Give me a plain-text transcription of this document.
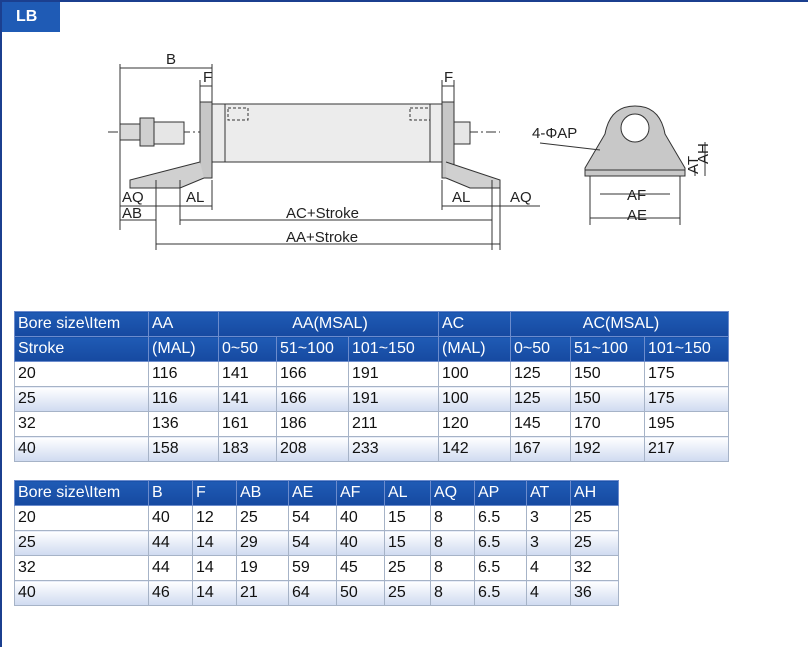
LB
B
F	F
AQ
AB
AL	AL	AQ
AC+Stroke
AA+Stroke
4-ΦAP
AF
AE
AT
AH
Bore size\Item	AA	AA(MSAL)			AC	AC(MSAL)		
Stroke	(MAL)	0~50	51~100	101~150	(MAL)	0~50	51~100	101~150
20	116	141	166	191	100	125	150	175
25	116	141	166	191	100	125	150	175
32	136	161	186	211	120	145	170	195
40	158	183	208	233	142	167	192	217
Bore size\Item	B	F	AB	AE	AF	AL	AQ	AP	AT	AH
20	40	12	25	54	40	15	8	6.5	3	25
25	44	14	29	54	40	15	8	6.5	3	25
32	44	14	19	59	45	25	8	6.5	4	32
40	46	14	21	64	50	25	8	6.5	4	36
